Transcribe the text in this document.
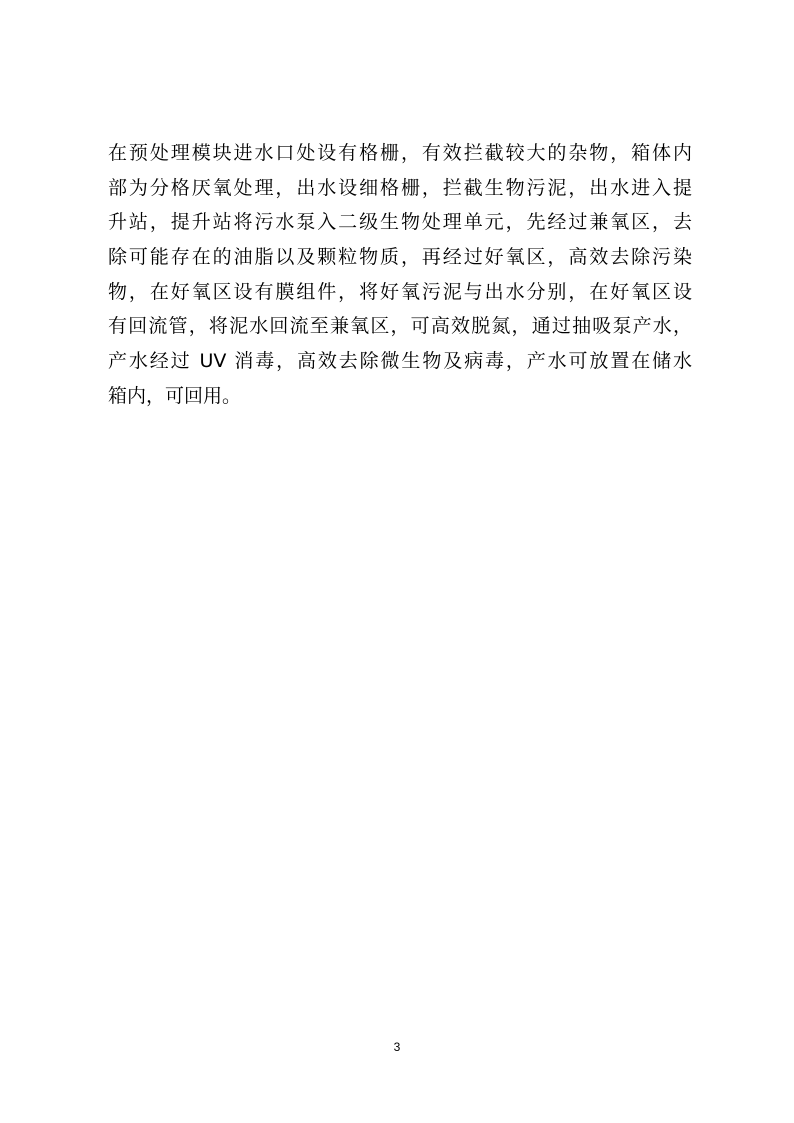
在预处理模块进水口处设有格栅，有效拦截较大的杂物，箱体内
部为分格厌氧处理，出水设细格栅，拦截生物污泥，出水进入提
升站，提升站将污水泵入二级生物处理单元，先经过兼氧区，去
除可能存在的油脂以及颗粒物质，再经过好氧区，高效去除污染
物，在好氧区设有膜组件，将好氧污泥与出水分别，在好氧区设
有回流管，将泥水回流至兼氧区，可高效脱氮，通过抽吸泵产水，
产水经过 UV 消毒，高效去除微生物及病毒，产水可放置在储水
箱内，可回用。
3
